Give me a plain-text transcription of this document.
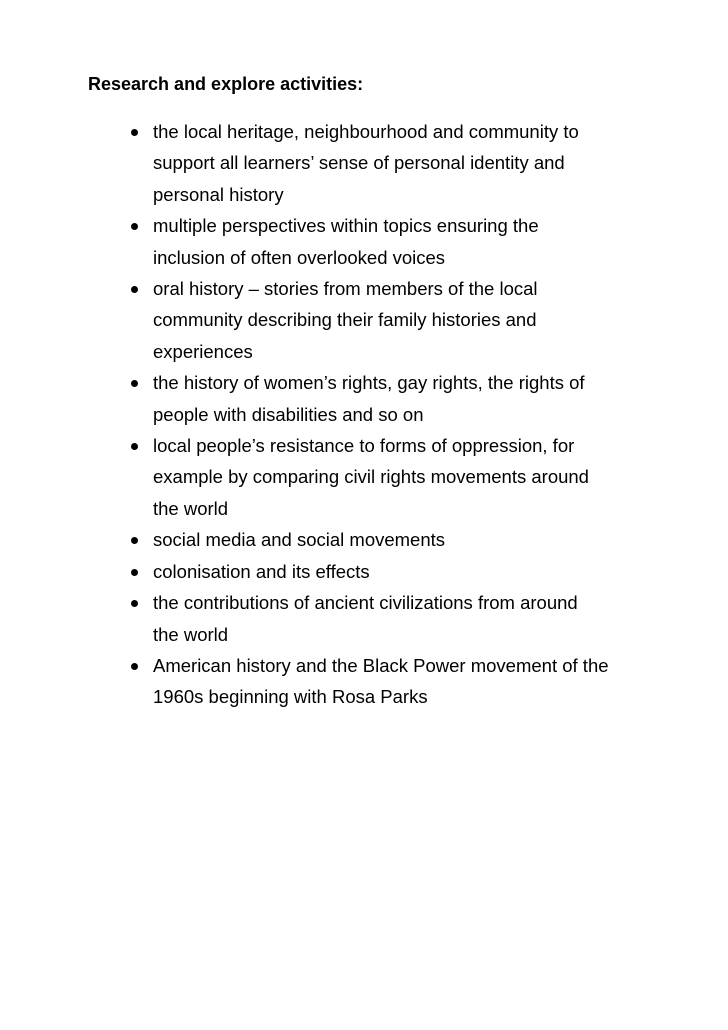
Research and explore activities:
the local heritage, neighbourhood and community to
support all learners’ sense of personal identity and
personal history
multiple perspectives within topics ensuring the
inclusion of often overlooked voices
oral history – stories from members of the local
community describing their family histories and
experiences
the history of women’s rights, gay rights, the rights of
people with disabilities and so on
local people’s resistance to forms of oppression, for
example by comparing civil rights movements around
the world
social media and social movements
colonisation and its effects
the contributions of ancient civilizations from around
the world
American history and the Black Power movement of the
1960s beginning with Rosa Parks
